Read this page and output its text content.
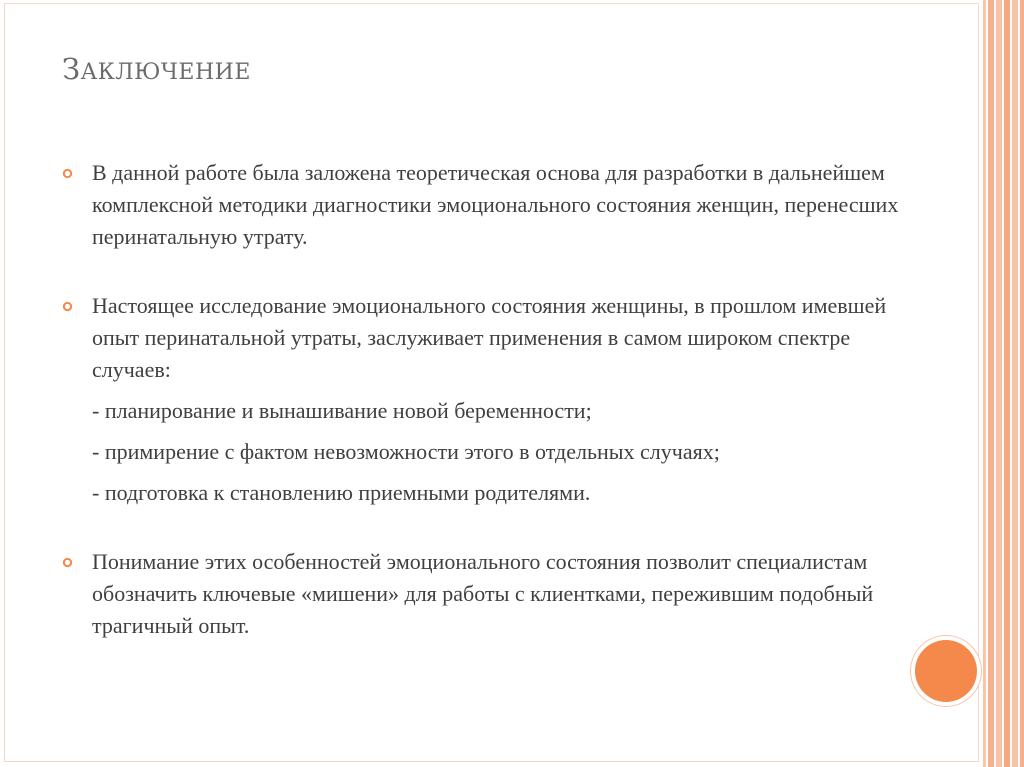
ЗАКЛЮЧЕНИЕ
В данной работе была заложена теоретическая основа для разработки в дальнейшем комплексной методики диагностики эмоционального состояния женщин, перенесших перинатальную утрату.
Настоящее исследование эмоционального состояния женщины, в прошлом имевшей опыт перинатальной утраты, заслуживает применения в самом широком спектре случаев:
- планирование и вынашивание новой беременности;
- примирение с фактом невозможности этого в отдельных случаях;
- подготовка к становлению приемными родителями.
Понимание этих особенностей эмоционального состояния позволит специалистам обозначить ключевые «мишени» для работы с клиентками, пережившим подобный трагичный опыт.
